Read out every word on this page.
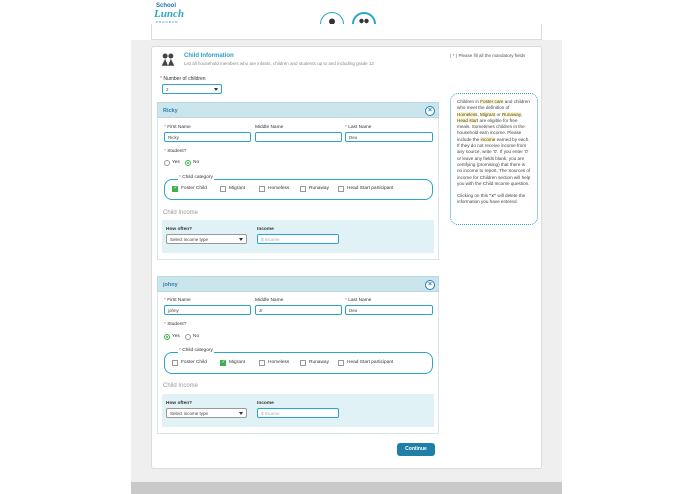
School
Lunch
PROGRAM
Child Information
List all household members who are infants, children and students up to and including grade 12
( * ) Please fill all the mandatory fields
* Number of children
2

Children in Foster care and children who meet the definition of Homeless, Migrant or Runaway, Head start are eligible for free meals. Sometimes children in the household earn income. Please include the income earned by each. If they do not receive income from any source, write '0'. If you enter '0' or leave any fields blank, you are certifying (promising) that there is no income to report. The Sources of income for Children section will help you with the Child Income question.

Clicking on this "x" will delete the information you have entered.

Ricky	×
* First Name
Ricky
Middle Name	* Last Name
Deo
* Student?
Yes	No
* Child category
✓
Foster Child	Migrant	Homeless	Runaway	Head Start participant
Child Income
How often?
Select income type
Income
$ Income
johny	×
* First Name
johny
Middle Name
Jr
* Last Name
Deo
* Student?
Yes	No
* Child category
Foster Child
✓	Migrant	Homeless	Runaway	Head Start participant
Child Income
How often?
Select income type
Income
$ Income
Continue
